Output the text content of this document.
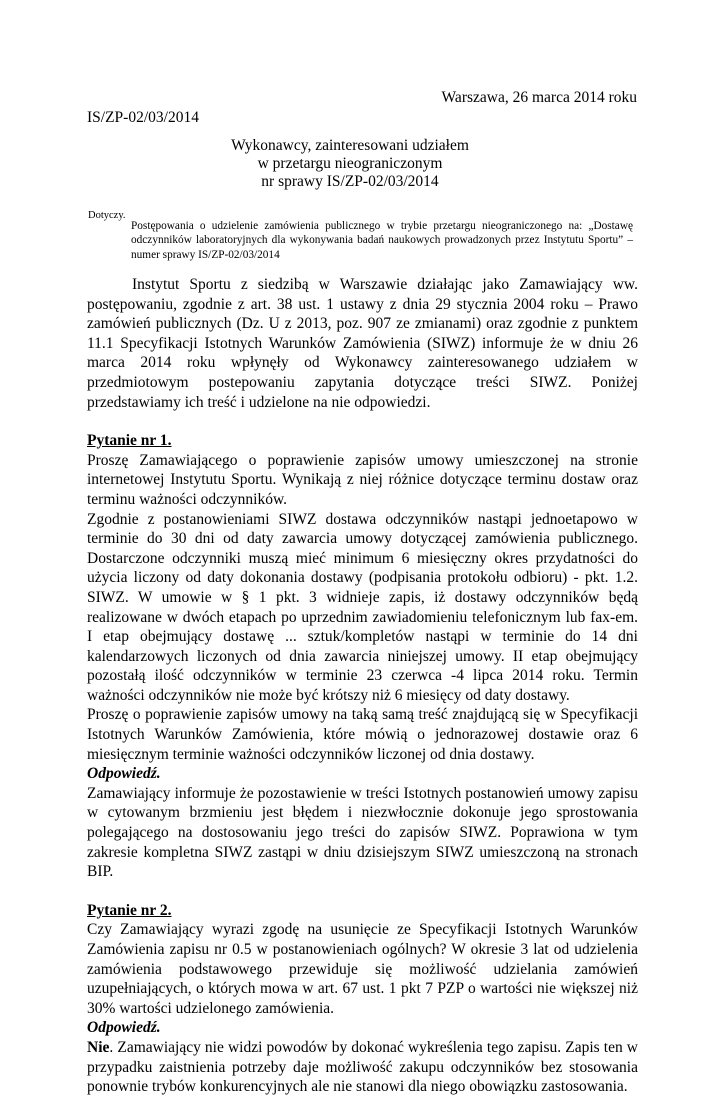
Warszawa, 26 marca 2014 roku
IS/ZP-02/03/2014
Wykonawcy, zainteresowani udziałem
w przetargu nieograniczonym
nr sprawy IS/ZP-02/03/2014
Dotyczy.
Postępowania o udzielenie zamówienia publicznego w trybie przetargu nieograniczonego na: „Dostawę odczynników laboratoryjnych dla wykonywania badań naukowych prowadzonych przez Instytutu Sportu” – numer sprawy IS/ZP-02/03/2014

Instytut Sportu z siedzibą w Warszawie działając jako Zamawiający ww. postępowaniu, zgodnie z art. 38 ust. 1 ustawy z dnia 29 stycznia 2004 roku – Prawo zamówień publicznych (Dz. U z 2013, poz. 907 ze zmianami) oraz zgodnie z punktem 11.1 Specyfikacji Istotnych Warunków Zamówienia (SIWZ) informuje że w dniu 26 marca 2014 roku wpłynęły od Wykonawcy zainteresowanego udziałem w przedmiotowym postepowaniu zapytania dotyczące treści SIWZ. Poniżej przedstawiamy ich treść i udzielone na nie odpowiedzi.

Pytanie nr 1.

Proszę Zamawiającego o poprawienie zapisów umowy umieszczonej na stronie internetowej Instytutu Sportu. Wynikają z niej różnice dotyczące terminu dostaw oraz terminu ważności odczynników.

Zgodnie z postanowieniami SIWZ dostawa odczynników nastąpi jednoetapowo w terminie do 30 dni od daty zawarcia umowy dotyczącej zamówienia publicznego. Dostarczone odczynniki muszą mieć minimum 6 miesięczny okres przydatności do użycia liczony od daty dokonania dostawy (podpisania protokołu odbioru) - pkt. 1.2. SIWZ. W umowie w § 1 pkt. 3 widnieje zapis, iż dostawy odczynników będą realizowane w dwóch etapach po uprzednim zawiadomieniu telefonicznym lub fax-em. I etap obejmujący dostawę ... sztuk/kompletów nastąpi w terminie do 14 dni kalendarzowych liczonych od dnia zawarcia niniejszej umowy. II etap obejmujący pozostałą ilość odczynników w terminie 23 czerwca -4 lipca 2014 roku. Termin ważności odczynników nie może być krótszy niż 6 miesięcy od daty dostawy.

Proszę o poprawienie zapisów umowy na taką samą treść znajdującą się w Specyfikacji Istotnych Warunków Zamówienia, które mówią o jednorazowej dostawie oraz 6 miesięcznym terminie ważności odczynników liczonej od dnia dostawy.

Odpowiedź.

Zamawiający informuje że pozostawienie w treści Istotnych postanowień umowy zapisu w cytowanym brzmieniu jest błędem i niezwłocznie dokonuje jego sprostowania polegającego na dostosowaniu jego treści do zapisów SIWZ. Poprawiona w tym zakresie kompletna SIWZ zastąpi w dniu dzisiejszym SIWZ umieszczoną na stronach BIP.

Pytanie nr 2.

Czy Zamawiający wyrazi zgodę na usunięcie ze Specyfikacji Istotnych Warunków Zamówienia zapisu nr 0.5 w postanowieniach ogólnych? W okresie 3 lat od udzielenia zamówienia podstawowego przewiduje się możliwość udzielania zamówień uzupełniających, o których mowa w art. 67 ust. 1 pkt 7 PZP o wartości nie większej niż 30% wartości udzielonego zamówienia.

Odpowiedź.

Nie. Zamawiający nie widzi powodów by dokonać wykreślenia tego zapisu. Zapis ten w przypadku zaistnienia potrzeby daje możliwość zakupu odczynników bez stosowania ponownie trybów konkurencyjnych ale nie stanowi dla niego obowiązku zastosowania.
